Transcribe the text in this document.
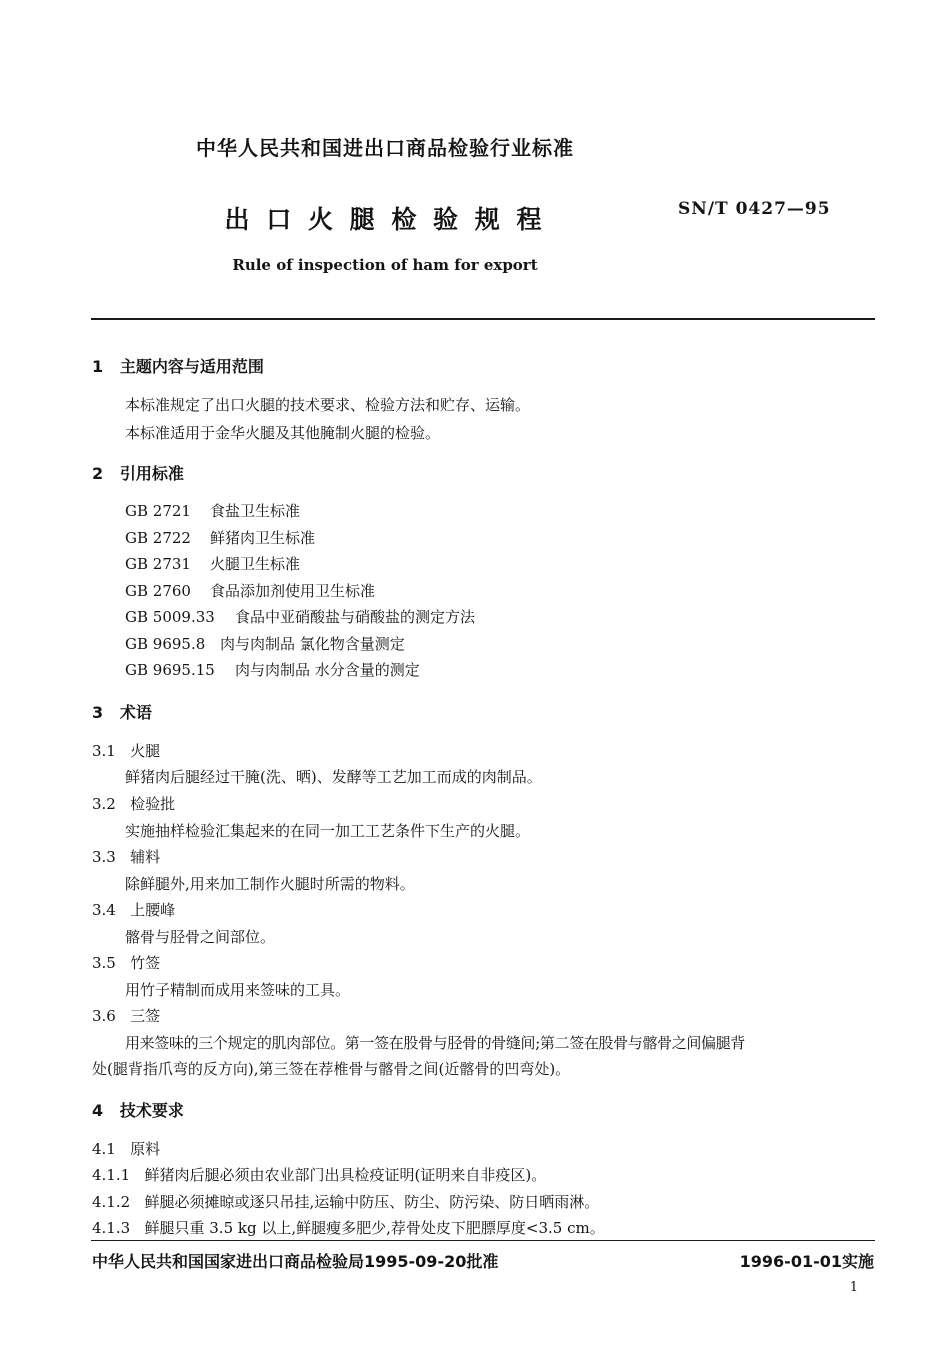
中华人民共和国进出口商品检验行业标准
出 口 火 腿 检 验 规 程	SN/T 0427—95
Rule of inspection of ham for export
1 主题内容与适用范围
本标准规定了出口火腿的技术要求、检验方法和贮存、运输。
本标准适用于金华火腿及其他腌制火腿的检验。
2 引用标准
GB 2721 食盐卫生标准
GB 2722 鲜猪肉卫生标准
GB 2731 火腿卫生标准
GB 2760 食品添加剂使用卫生标准
GB 5009.33 食品中亚硝酸盐与硝酸盐的测定方法
GB 9695.8 肉与肉制品 氯化物含量测定
GB 9695.15 肉与肉制品 水分含量的测定
3 术语
3.1 火腿
鲜猪肉后腿经过干腌(洗、晒)、发酵等工艺加工而成的肉制品。
3.2 检验批
实施抽样检验汇集起来的在同一加工工艺条件下生产的火腿。
3.3 辅料
除鲜腿外,用来加工制作火腿时所需的物料。
3.4 上腰峰
髂骨与胫骨之间部位。
3.5 竹签
用竹子精制而成用来签味的工具。
3.6 三签
用来签味的三个规定的肌肉部位。第一签在股骨与胫骨的骨缝间;第二签在股骨与髂骨之间偏腿背
处(腿背指爪弯的反方向),第三签在荐椎骨与髂骨之间(近髂骨的凹弯处)。
4 技术要求
4.1 原料
4.1.1 鲜猪肉后腿必须由农业部门出具检疫证明(证明来自非疫区)。
4.1.2 鲜腿必须摊晾或逐只吊挂,运输中防压、防尘、防污染、防日晒雨淋。
4.1.3 鲜腿只重 3.5 kg 以上,鲜腿瘦多肥少,荐骨处皮下肥膘厚度<3.5 cm。
中华人民共和国国家进出口商品检验局1995-09-20批准	1996-01-01实施
1
